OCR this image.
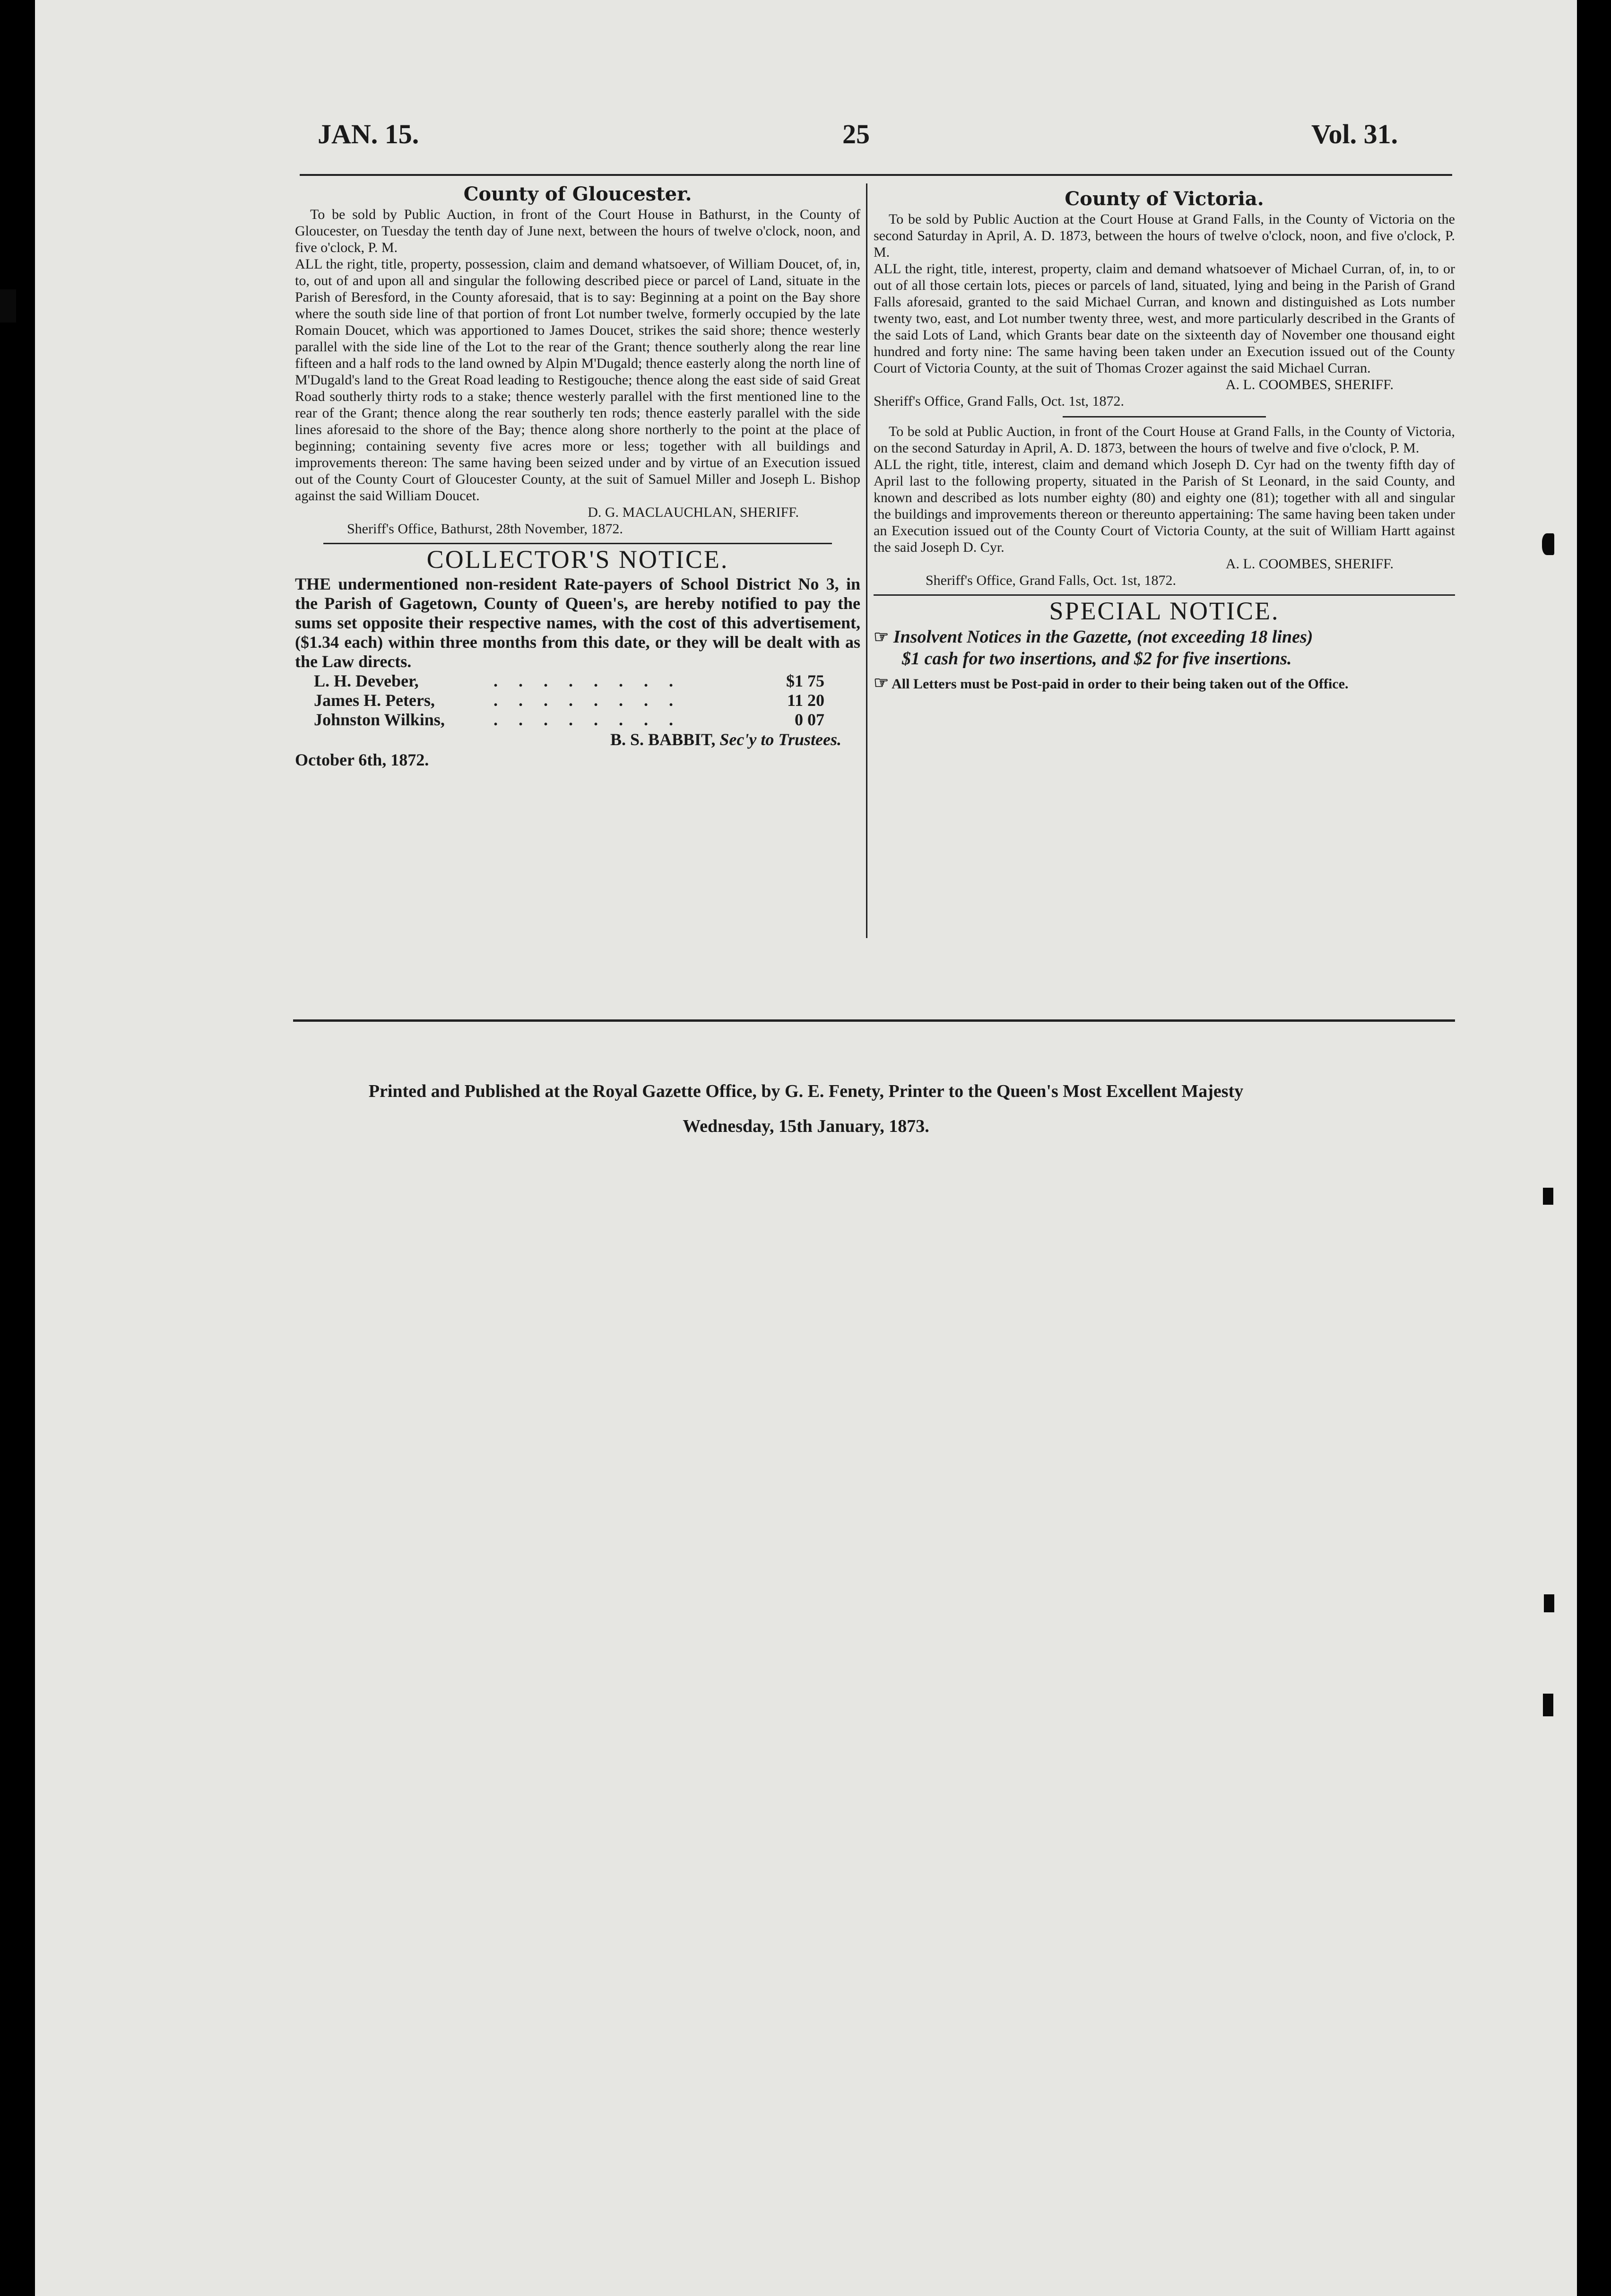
JAN. 15.	25	Vol. 31.

County of Gloucester.

To be sold by Public Auction, in front of the Court House in Bathurst, in the County of Gloucester, on Tuesday the tenth day of June next, between the hours of twelve o'clock, noon, and five o'clock, P. M.

ALL the right, title, property, possession, claim and demand whatsoever, of William Doucet, of, in, to, out of and upon all and singular the following described piece or parcel of Land, situate in the Parish of Beresford, in the County aforesaid, that is to say: Beginning at a point on the Bay shore where the south side line of that portion of front Lot number twelve, formerly occupied by the late Romain Doucet, which was apportioned to James Doucet, strikes the said shore; thence westerly parallel with the side line of the Lot to the rear of the Grant; thence southerly along the rear line fifteen and a half rods to the land owned by Alpin M'Dugald; thence easterly along the north line of M'Dugald's land to the Great Road leading to Restigouche; thence along the east side of said Great Road southerly thirty rods to a stake; thence westerly parallel with the first mentioned line to the rear of the Grant; thence along the rear southerly ten rods; thence easterly parallel with the side lines aforesaid to the shore of the Bay; thence along shore northerly to the point at the place of beginning; containing seventy five acres more or less; together with all buildings and improvements thereon: The same having been seized under and by virtue of an Execution issued out of the County Court of Gloucester County, at the suit of Samuel Miller and Joseph L. Bishop against the said William Doucet.

D. G. MACLAUCHLAN, SHERIFF.

Sheriff's Office, Bathurst, 28th November, 1872.

COLLECTOR'S NOTICE.

THE undermentioned non-resident Rate-payers of School District No 3, in the Parish of Gagetown, County of Queen's, are hereby notified to pay the sums set opposite their respective names, with the cost of this advertisement, ($1.34 each) within three months from this date, or they will be dealt with as the Law directs.

L. H. Deveber,	........	$1 75
James H. Peters,	........	11 20
Johnston Wilkins,	........	0 07

B. S. BABBIT, Sec'y to Trustees.

October 6th, 1872.

County of Victoria.

To be sold by Public Auction at the Court House at Grand Falls, in the County of Victoria on the second Saturday in April, A. D. 1873, between the hours of twelve o'clock, noon, and five o'clock, P. M.

ALL the right, title, interest, property, claim and demand whatsoever of Michael Curran, of, in, to or out of all those certain lots, pieces or parcels of land, situated, lying and being in the Parish of Grand Falls aforesaid, granted to the said Michael Curran, and known and distinguished as Lots number twenty two, east, and Lot number twenty three, west, and more particularly described in the Grants of the said Lots of Land, which Grants bear date on the sixteenth day of November one thousand eight hundred and forty nine: The same having been taken under an Execution issued out of the County Court of Victoria County, at the suit of Thomas Crozer against the said Michael Curran.

A. L. COOMBES, SHERIFF.

Sheriff's Office, Grand Falls, Oct. 1st, 1872.

To be sold at Public Auction, in front of the Court House at Grand Falls, in the County of Victoria, on the second Saturday in April, A. D. 1873, between the hours of twelve and five o'clock, P. M.

ALL the right, title, interest, claim and demand which Joseph D. Cyr had on the twenty fifth day of April last to the following property, situated in the Parish of St Leonard, in the said County, and known and described as lots number eighty (80) and eighty one (81); together with all and singular the buildings and improvements thereon or thereunto appertaining: The same having been taken under an Execution issued out of the County Court of Victoria County, at the suit of William Hartt against the said Joseph D. Cyr.

A. L. COOMBES, SHERIFF.

Sheriff's Office, Grand Falls, Oct. 1st, 1872.

SPECIAL NOTICE.

☞ Insolvent Notices in the Gazette, (not exceeding 18 lines)

$1 cash for two insertions, and $2 for five insertions.

☞ All Letters must be Post-paid in order to their being taken out of the Office.

Printed and Published at the Royal Gazette Office, by G. E. Fenety, Printer to the Queen's Most Excellent Majesty
Wednesday, 15th January, 1873.
